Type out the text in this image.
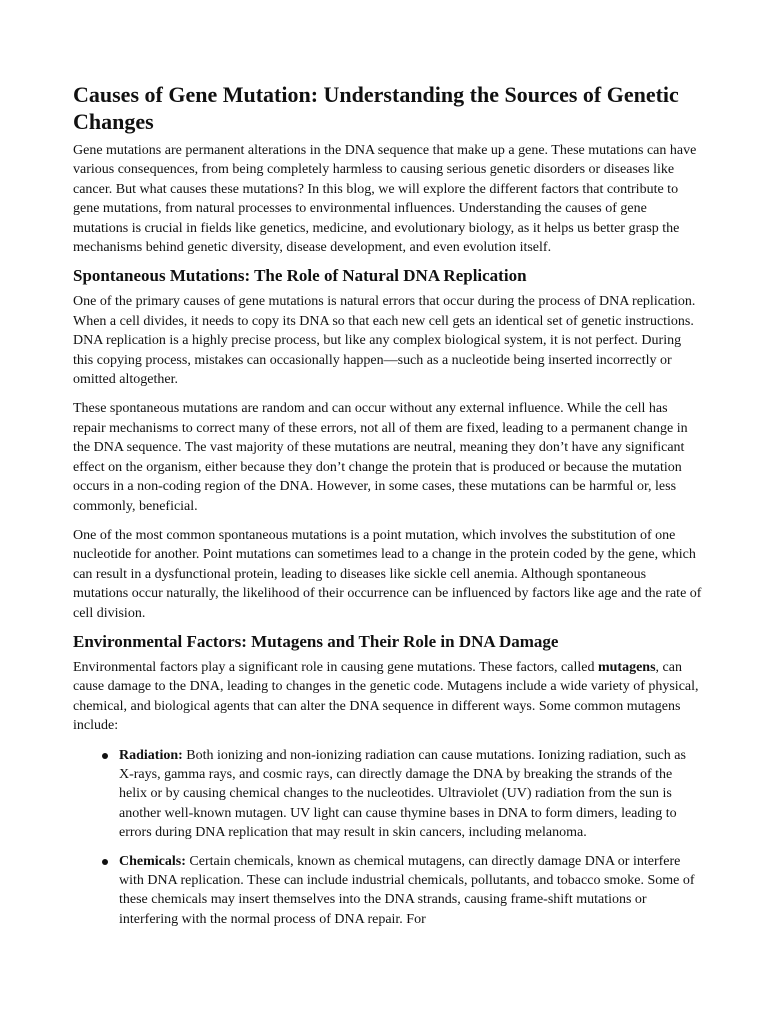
Causes of Gene Mutation: Understanding the Sources of Genetic Changes

Gene mutations are permanent alterations in the DNA sequence that make up a gene. These mutations can have various consequences, from being completely harmless to causing serious genetic disorders or diseases like cancer. But what causes these mutations? In this blog, we will explore the different factors that contribute to gene mutations, from natural processes to environmental influences. Understanding the causes of gene mutations is crucial in fields like genetics, medicine, and evolutionary biology, as it helps us better grasp the mechanisms behind genetic diversity, disease development, and even evolution itself.

Spontaneous Mutations: The Role of Natural DNA Replication

One of the primary causes of gene mutations is natural errors that occur during the process of DNA replication. When a cell divides, it needs to copy its DNA so that each new cell gets an identical set of genetic instructions. DNA replication is a highly precise process, but like any complex biological system, it is not perfect. During this copying process, mistakes can occasionally happen—such as a nucleotide being inserted incorrectly or omitted altogether.

These spontaneous mutations are random and can occur without any external influence. While the cell has repair mechanisms to correct many of these errors, not all of them are fixed, leading to a permanent change in the DNA sequence. The vast majority of these mutations are neutral, meaning they don’t have any significant effect on the organism, either because they don’t change the protein that is produced or because the mutation occurs in a non-coding region of the DNA. However, in some cases, these mutations can be harmful or, less commonly, beneficial.

One of the most common spontaneous mutations is a point mutation, which involves the substitution of one nucleotide for another. Point mutations can sometimes lead to a change in the protein coded by the gene, which can result in a dysfunctional protein, leading to diseases like sickle cell anemia. Although spontaneous mutations occur naturally, the likelihood of their occurrence can be influenced by factors like age and the rate of cell division.

Environmental Factors: Mutagens and Their Role in DNA Damage

Environmental factors play a significant role in causing gene mutations. These factors, called mutagens, can cause damage to the DNA, leading to changes in the genetic code. Mutagens include a wide variety of physical, chemical, and biological agents that can alter the DNA sequence in different ways. Some common mutagens include:

Radiation: Both ionizing and non-ionizing radiation can cause mutations. Ionizing radiation, such as X-rays, gamma rays, and cosmic rays, can directly damage the DNA by breaking the strands of the helix or by causing chemical changes to the nucleotides. Ultraviolet (UV) radiation from the sun is another well-known mutagen. UV light can cause thymine bases in DNA to form dimers, leading to errors during DNA replication that may result in skin cancers, including melanoma.
Chemicals: Certain chemicals, known as chemical mutagens, can directly damage DNA or interfere with DNA replication. These can include industrial chemicals, pollutants, and tobacco smoke. Some of these chemicals may insert themselves into the DNA strands, causing frame-shift mutations or interfering with the normal process of DNA repair. For
